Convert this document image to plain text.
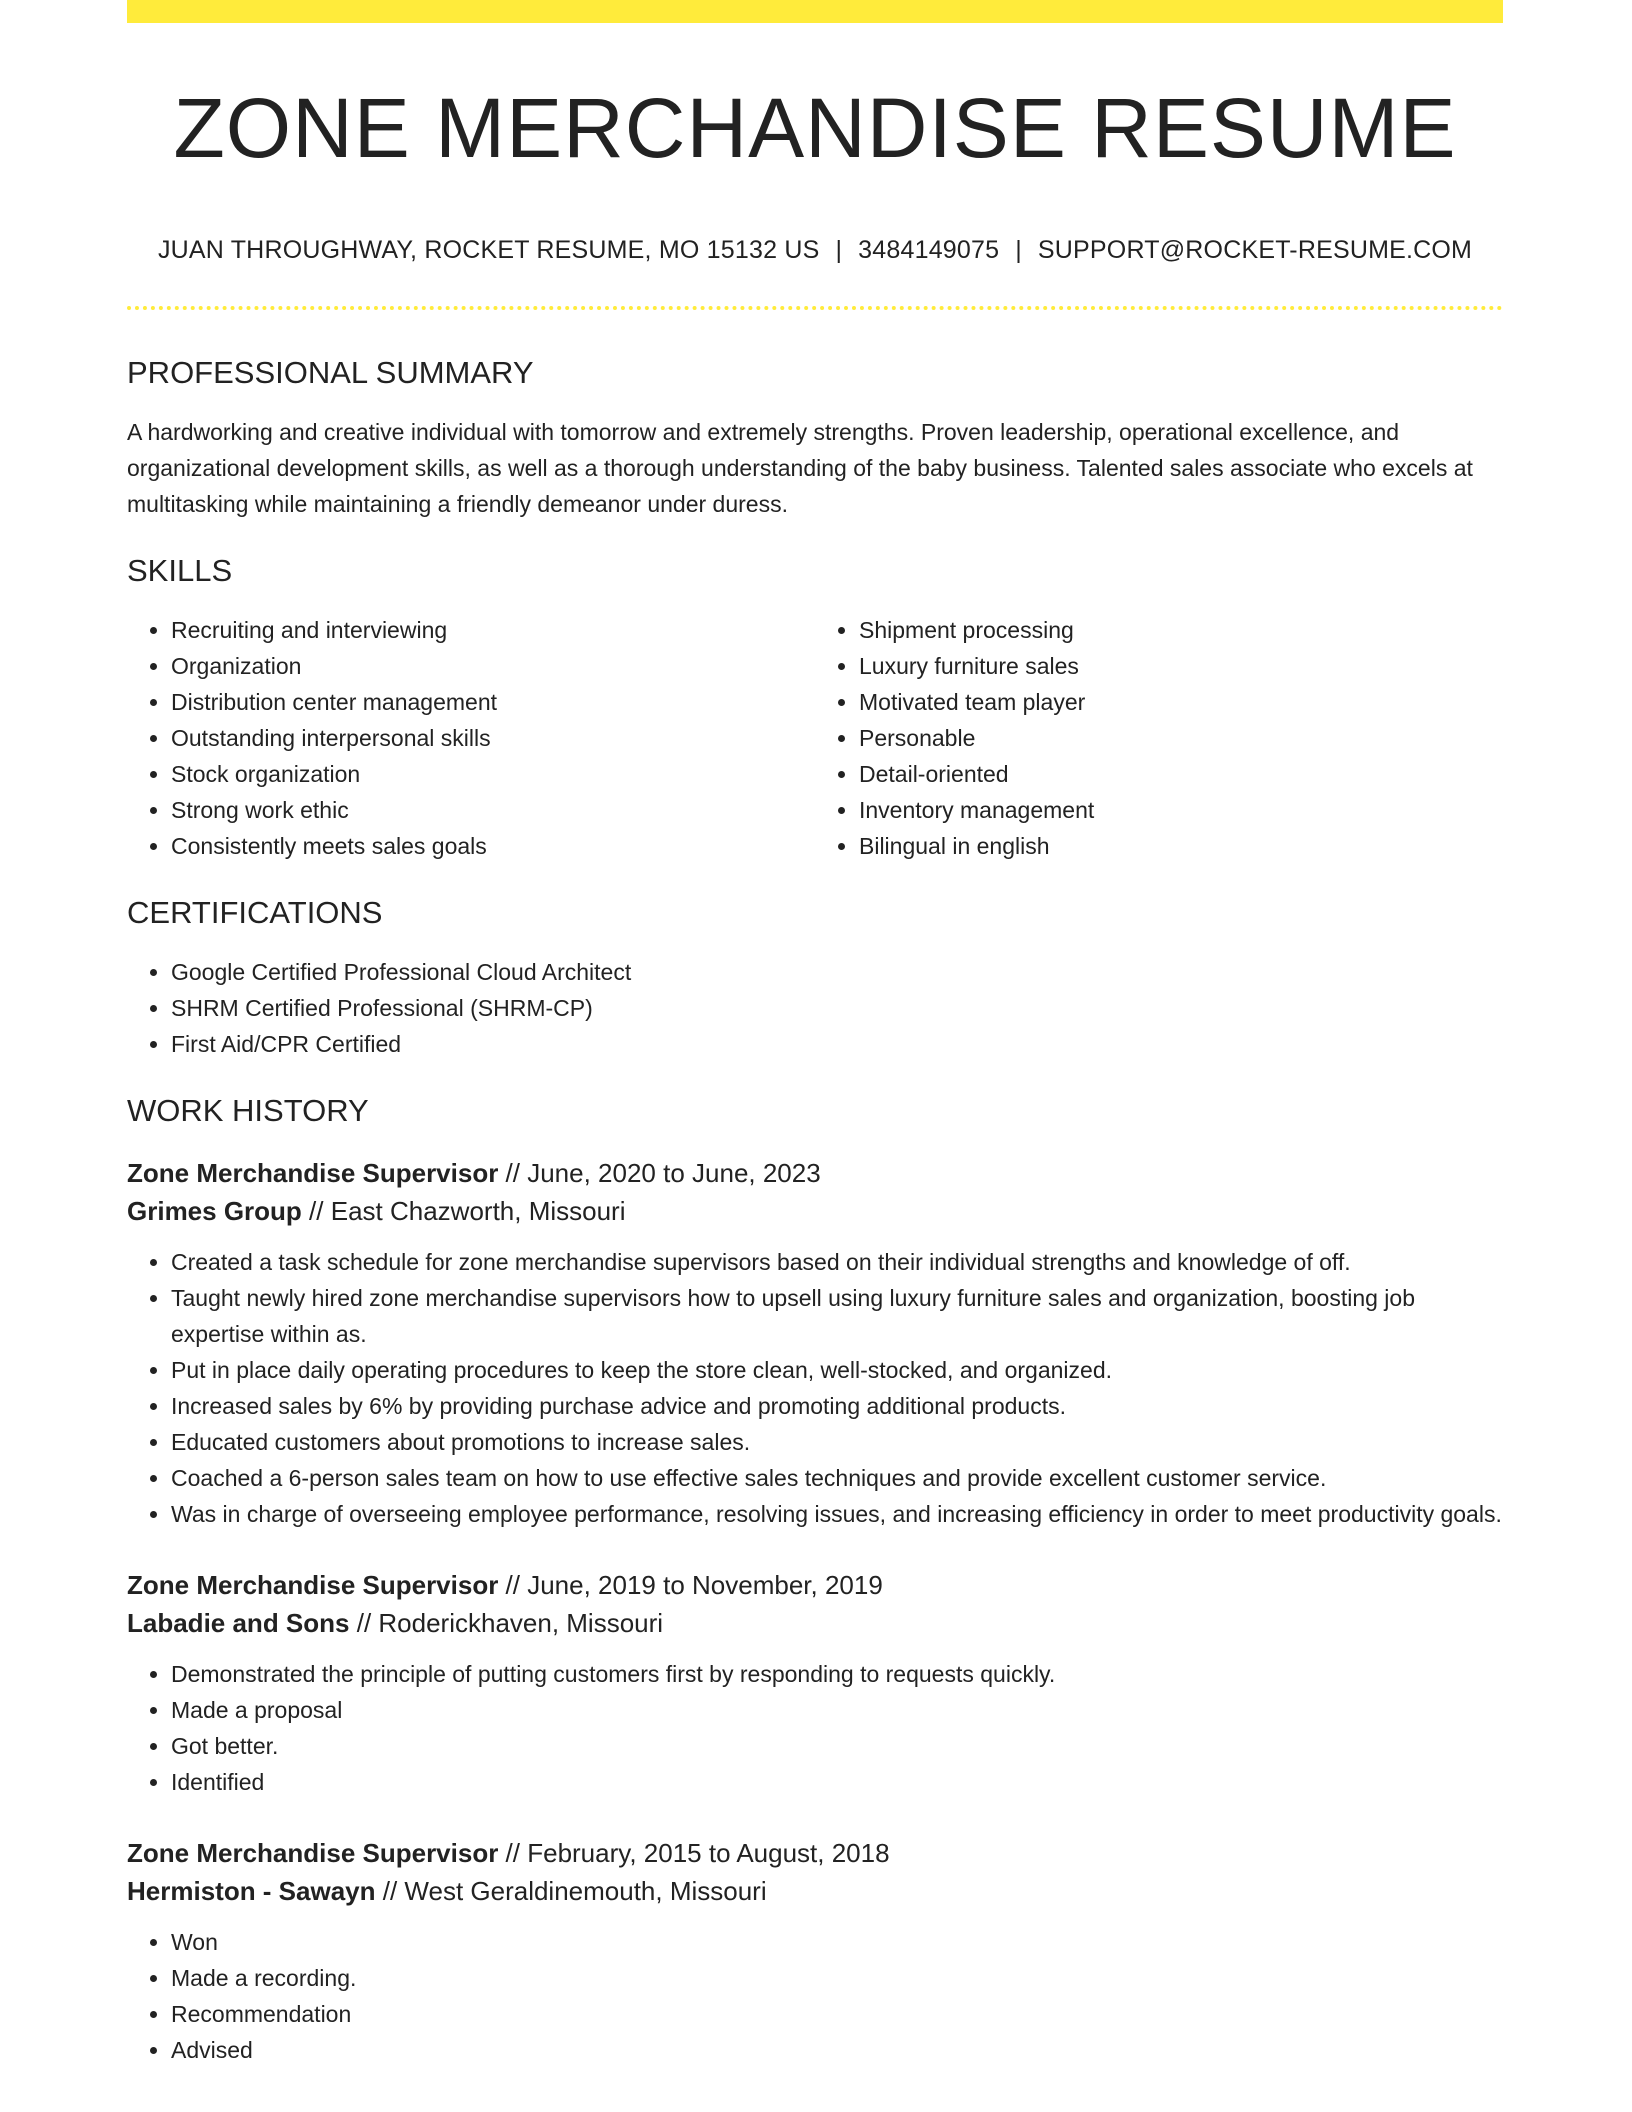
ZONE MERCHANDISE RESUME
JUAN THROUGHWAY, ROCKET RESUME, MO 15132 US | 3484149075 | SUPPORT@ROCKET-RESUME.COM
PROFESSIONAL SUMMARY

A hardworking and creative individual with tomorrow and extremely strengths. Proven leadership, operational excellence, and organizational development skills, as well as a thorough understanding of the baby business. Talented sales associate who excels at multitasking while maintaining a friendly demeanor under duress.

SKILLS
• Recruiting and interviewing
• Organization
• Distribution center management
• Outstanding interpersonal skills
• Stock organization
• Strong work ethic
• Consistently meets sales goals
• Shipment processing
• Luxury furniture sales
• Motivated team player
• Personable
• Detail-oriented
• Inventory management
• Bilingual in english
CERTIFICATIONS
• Google Certified Professional Cloud Architect
• SHRM Certified Professional (SHRM-CP)
• First Aid/CPR Certified
WORK HISTORY
Zone Merchandise Supervisor // June, 2020 to June, 2023
Grimes Group // East Chazworth, Missouri
• Created a task schedule for zone merchandise supervisors based on their individual strengths and knowledge of off.
• Taught newly hired zone merchandise supervisors how to upsell using luxury furniture sales and organization, boosting job expertise within as.
• Put in place daily operating procedures to keep the store clean, well-stocked, and organized.
• Increased sales by 6% by providing purchase advice and promoting additional products.
• Educated customers about promotions to increase sales.
• Coached a 6-person sales team on how to use effective sales techniques and provide excellent customer service.
• Was in charge of overseeing employee performance, resolving issues, and increasing efficiency in order to meet productivity goals.
Zone Merchandise Supervisor // June, 2019 to November, 2019
Labadie and Sons // Roderickhaven, Missouri
• Demonstrated the principle of putting customers first by responding to requests quickly.
• Made a proposal
• Got better.
• Identified
Zone Merchandise Supervisor // February, 2015 to August, 2018
Hermiston - Sawayn // West Geraldinemouth, Missouri
• Won
• Made a recording.
• Recommendation
• Advised
